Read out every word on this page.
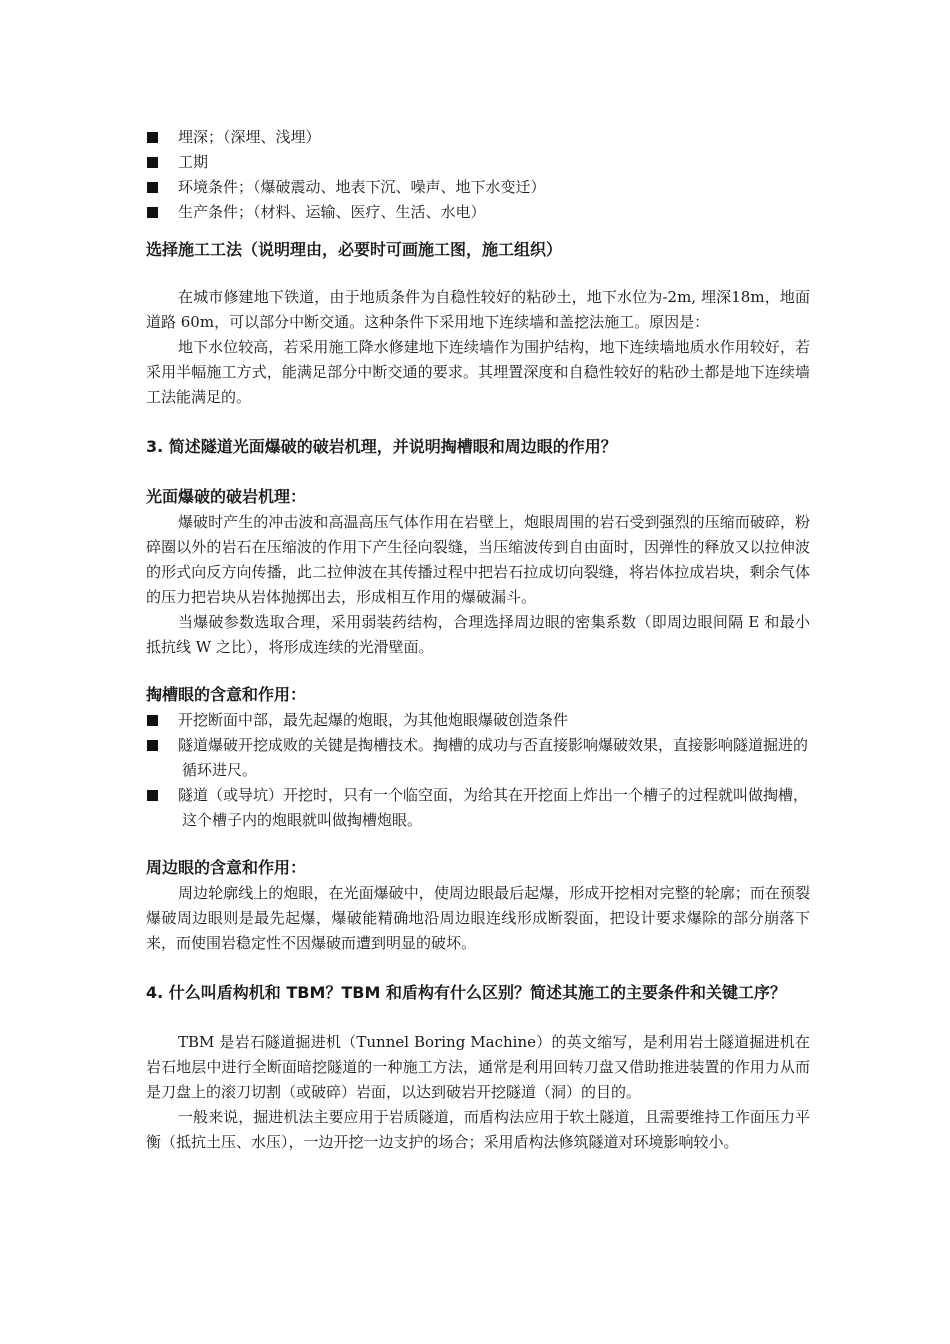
埋深；（深埋、浅埋）
工期
环境条件；（爆破震动、地表下沉、噪声、地下水变迁）
生产条件；（材料、运输、医疗、生活、水电）
选择施工工法（说明理由，必要时可画施工图，施工组织）

在城市修建地下铁道，由于地质条件为自稳性较好的粘砂土，地下水位为-2m, 埋深18m，地面道路 60m，可以部分中断交通。这种条件下采用地下连续墙和盖挖法施工。原因是：

地下水位较高，若采用施工降水修建地下连续墙作为围护结构，地下连续墙地质水作用较好，若采用半幅施工方式，能满足部分中断交通的要求。其埋置深度和自稳性较好的粘砂土都是地下连续墙工法能满足的。

3. 简述隧道光面爆破的破岩机理，并说明掏槽眼和周边眼的作用？
光面爆破的破岩机理：

爆破时产生的冲击波和高温高压气体作用在岩壁上，炮眼周围的岩石受到强烈的压缩而破碎，粉碎圈以外的岩石在压缩波的作用下产生径向裂缝，当压缩波传到自由面时，因弹性的释放又以拉伸波的形式向反方向传播，此二拉伸波在其传播过程中把岩石拉成切向裂缝，将岩体拉成岩块，剩余气体的压力把岩块从岩体抛掷出去，形成相互作用的爆破漏斗。

当爆破参数选取合理，采用弱装药结构，合理选择周边眼的密集系数（即周边眼间隔 E 和最小抵抗线 W 之比），将形成连续的光滑壁面。

掏槽眼的含意和作用：
开挖断面中部，最先起爆的炮眼，为其他炮眼爆破创造条件
隧道爆破开挖成败的关键是掏槽技术。掏槽的成功与否直接影响爆破效果，直接影响隧道掘进的循环进尺。
隧道（或导坑）开挖时，只有一个临空面，为给其在开挖面上炸出一个槽子的过程就叫做掏槽，这个槽子内的炮眼就叫做掏槽炮眼。
周边眼的含意和作用：

周边轮廓线上的炮眼，在光面爆破中，使周边眼最后起爆，形成开挖相对完整的轮廓；而在预裂爆破周边眼则是最先起爆，爆破能精确地沿周边眼连线形成断裂面，把设计要求爆除的部分崩落下来，而使围岩稳定性不因爆破而遭到明显的破坏。

4. 什么叫盾构机和 TBM？TBM 和盾构有什么区别？简述其施工的主要条件和关键工序？

TBM 是岩石隧道掘进机（Tunnel Boring Machine）的英文缩写，是利用岩土隧道掘进机在岩石地层中进行全断面暗挖隧道的一种施工方法，通常是利用回转刀盘又借助推进装置的作用力从而是刀盘上的滚刀切割（或破碎）岩面，以达到破岩开挖隧道（洞）的目的。

一般来说，掘进机法主要应用于岩质隧道，而盾构法应用于软土隧道，且需要维持工作面压力平衡（抵抗土压、水压），一边开挖一边支护的场合；采用盾构法修筑隧道对环境影响较小。
